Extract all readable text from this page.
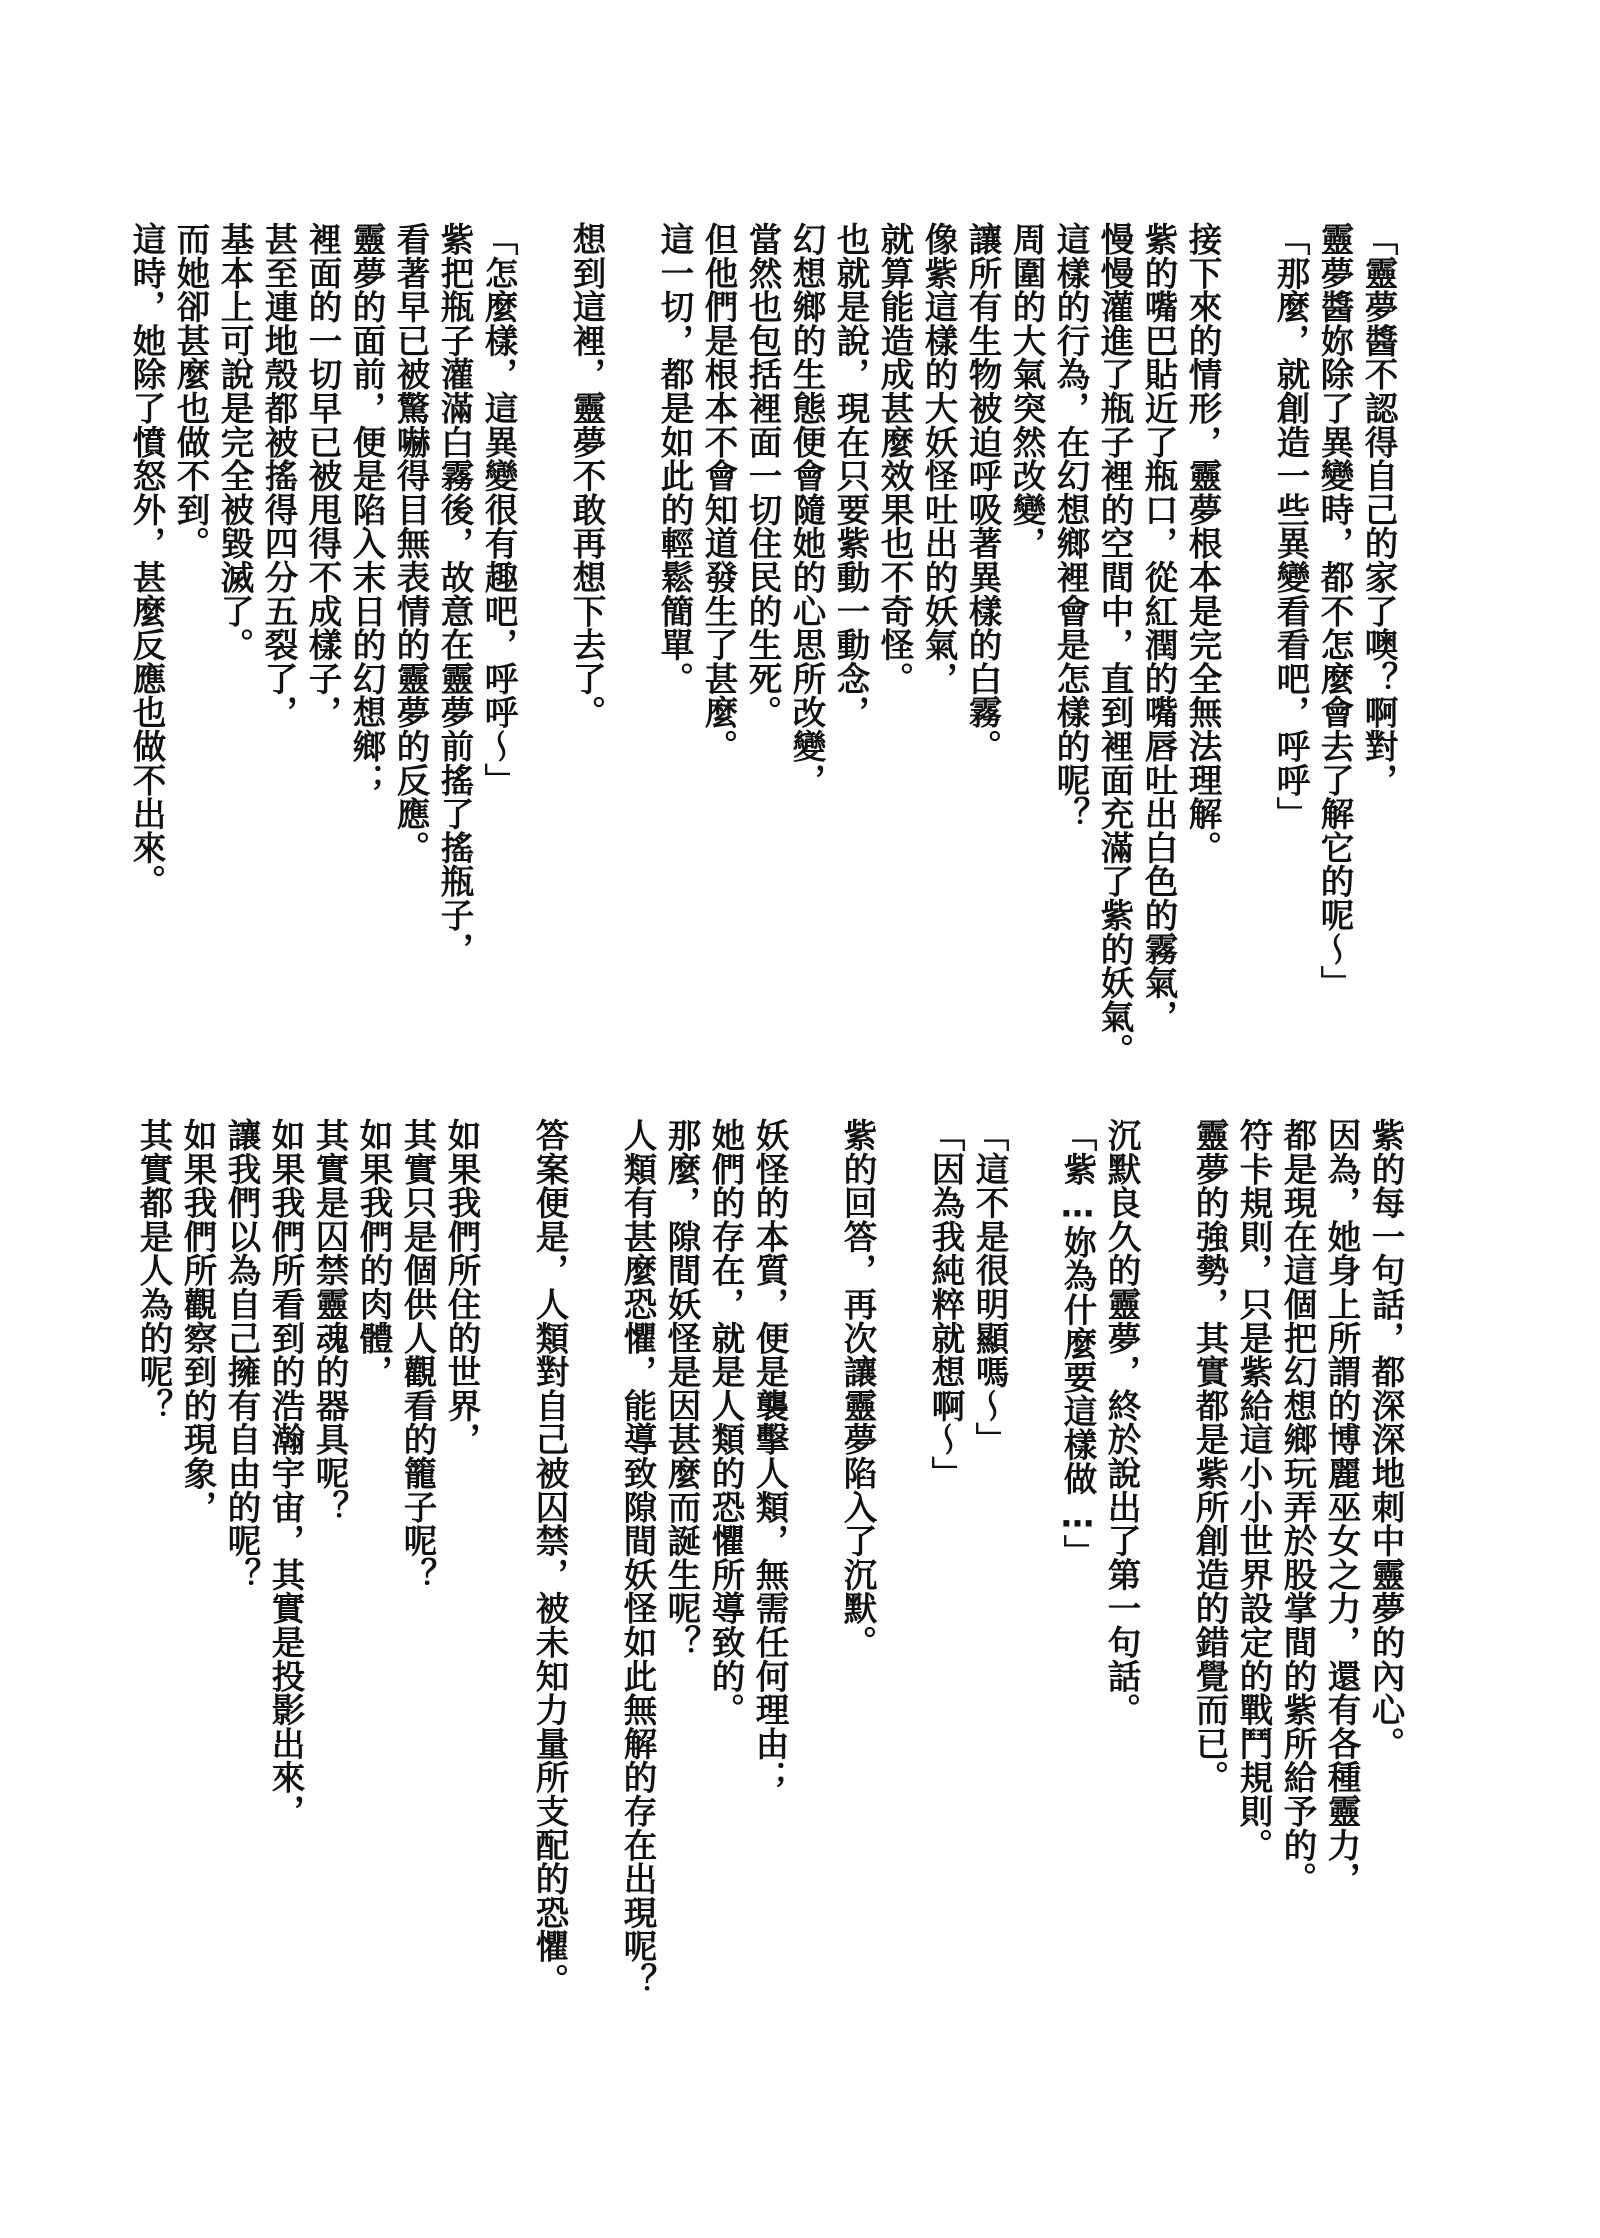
「靈夢醬不認得自己的家了噢？啊對，
靈夢醬妳除了異變時，都不怎麼會去了解它的呢～」
「那麼，就創造一些異變看看吧，呼呼」
接下來的情形，靈夢根本是完全無法理解。
紫的嘴巴貼近了瓶口，從紅潤的嘴唇吐出白色的霧氣，
慢慢灌進了瓶子裡的空間中，直到裡面充滿了紫的妖氣。
這樣的行為，在幻想鄉裡會是怎樣的呢？
周圍的大氣突然改變，
讓所有生物被迫呼吸著異樣的白霧。
像紫這樣的大妖怪吐出的妖氣，
就算能造成甚麼效果也不奇怪。
也就是說，現在只要紫動一動念，
幻想鄉的生態便會隨她的心思所改變，
當然也包括裡面一切住民的生死。
但他們是根本不會知道發生了甚麼。
這一切，都是如此的輕鬆簡單。
想到這裡，靈夢不敢再想下去了。
「怎麼樣，這異變很有趣吧，呼呼～」
紫把瓶子灌滿白霧後，故意在靈夢前搖了搖瓶子，
看著早已被驚嚇得目無表情的靈夢的反應。
靈夢的面前，便是陷入末日的幻想鄉；
裡面的一切早已被甩得不成樣子，
甚至連地殼都被搖得四分五裂了，
基本上可說是完全被毀滅了。
而她卻甚麼也做不到。
這時，她除了憤怒外，甚麼反應也做不出來。
紫的每一句話，都深深地刺中靈夢的內心。
因為，她身上所謂的博麗巫女之力，還有各種靈力，
都是現在這個把幻想鄉玩弄於股掌間的紫所給予的。
符卡規則，只是紫給這小小世界設定的戰鬥規則。
靈夢的強勢，其實都是紫所創造的錯覺而已。
沉默良久的靈夢，終於說出了第一句話。
「紫…妳為什麼要這樣做…」
「這不是很明顯嗎～」
「因為我純粹就想啊～」
紫的回答，再次讓靈夢陷入了沉默。
妖怪的本質，便是襲擊人類，無需任何理由；
她們的存在，就是人類的恐懼所導致的。
那麼，隙間妖怪是因甚麼而誕生呢？
人類有甚麼恐懼，能導致隙間妖怪如此無解的存在出現呢？
答案便是，人類對自己被囚禁，被未知力量所支配的恐懼。
如果我們所住的世界，
其實只是個供人觀看的籠子呢？
如果我們的肉體，
其實是囚禁靈魂的器具呢？
如果我們所看到的浩瀚宇宙，其實是投影出來，
讓我們以為自己擁有自由的呢？
如果我們所觀察到的現象，
其實都是人為的呢？
